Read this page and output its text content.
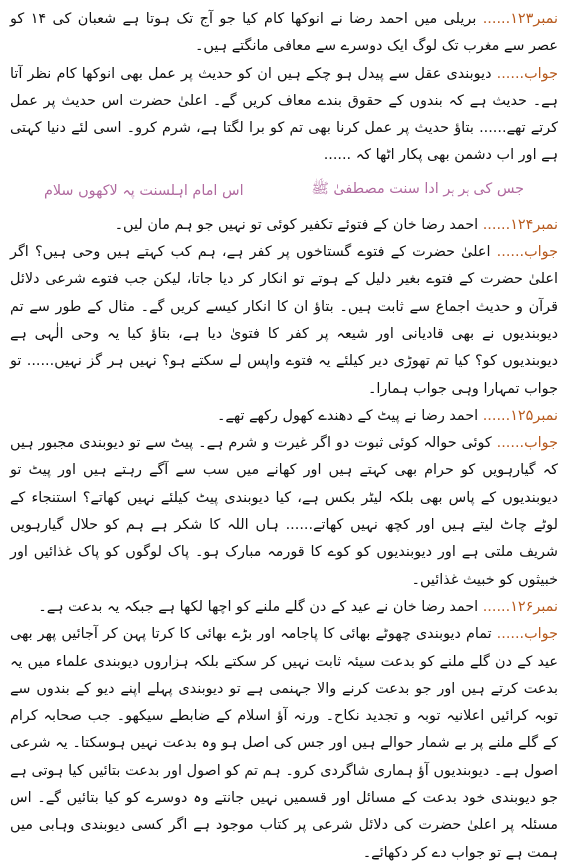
نمبر۱۲۳...... بریلی میں احمد رضا نے انوکھا کام کیا جو آج تک ہوتا ہے شعبان کی ۱۴ کو عصر سے مغرب تک لوگ ایک دوسرے سے معافی مانگتے ہیں۔

جواب...... دیوبندی عقل سے پیدل ہو چکے ہیں ان کو حدیث پر عمل بھی انوکھا کام نظر آتا ہے۔ حدیث ہے کہ بندوں کے حقوق بندے معاف کریں گے۔ اعلیٰ حضرت اس حدیث پر عمل کرتے تھے...... بتاؤ حدیث پر عمل کرنا بھی تم کو برا لگتا ہے، شرم کرو۔ اسی لئے دنیا کہتی ہے اور اب دشمن بھی پکار اٹھا کہ ......

جس کی ہر ہر ادا سنت مصطفیٰ ﷺ
اس امام اہلسنت پہ لاکھوں سلام

نمبر۱۲۴...... احمد رضا خان کے فتوئے تکفیر کوئی تو نہیں جو ہم مان لیں۔

جواب...... اعلیٰ حضرت کے فتوے گستاخوں پر کفر ہے، ہم کب کہتے ہیں وحی ہیں؟ اگر اعلیٰ حضرت کے فتوے بغیر دلیل کے ہوتے تو انکار کر دیا جاتا، لیکن جب فتوے شرعی دلائل قرآن و حدیث اجماع سے ثابت ہیں۔ بتاؤ ان کا انکار کیسے کریں گے۔ مثال کے طور سے تم دیوبندیوں نے بھی قادیانی اور شیعہ پر کفر کا فتویٰ دیا ہے، بتاؤ کیا یہ وحی الٰہی ہے دیوبندیوں کو؟ کیا تم تھوڑی دیر کیلئے یہ فتوے واپس لے سکتے ہو؟ نہیں ہر گز نہیں...... تو جواب تمہارا وہی جواب ہمارا۔

نمبر۱۲۵...... احمد رضا نے پیٹ کے دھندے کھول رکھے تھے۔

جواب...... کوئی حوالہ کوئی ثبوت دو اگر غیرت و شرم ہے۔ پیٹ سے تو دیوبندی مجبور ہیں کہ گیارہویں کو حرام بھی کہتے ہیں اور کھانے میں سب سے آگے رہتے ہیں اور پیٹ تو دیوبندیوں کے پاس بھی بلکہ لیٹر بکس ہے، کیا دیوبندی پیٹ کیلئے نہیں کھاتے؟ استنجاء کے لوٹے چاٹ لیتے ہیں اور کچھ نہیں کھاتے...... ہاں اللہ کا شکر ہے ہم کو حلال گیارہویں شریف ملتی ہے اور دیوبندیوں کو کوے کا قورمہ مبارک ہو۔ پاک لوگوں کو پاک غذائیں اور خبیثوں کو خبیث غذائیں۔

نمبر۱۲۶...... احمد رضا خان نے عید کے دن گلے ملنے کو اچھا لکھا ہے جبکہ یہ بدعت ہے۔

جواب...... تمام دیوبندی چھوٹے بھائی کا پاجامہ اور بڑے بھائی کا کرتا پہن کر آجائیں پھر بھی عید کے دن گلے ملنے کو بدعت سیئہ ثابت نہیں کر سکتے بلکہ ہزاروں دیوبندی علماء میں یہ بدعت کرتے ہیں اور جو بدعت کرنے والا جہنمی ہے تو دیوبندی پہلے اپنے دیو کے بندوں سے توبہ کرائیں اعلانیہ توبہ و تجدید نکاح۔ ورنہ آؤ اسلام کے ضابطے سیکھو۔ جب صحابہ کرام کے گلے ملنے پر بے شمار حوالے ہیں اور جس کی اصل ہو وہ بدعت نہیں ہوسکتا۔ یہ شرعی اصول ہے۔ دیوبندیوں آؤ ہماری شاگردی کرو۔ ہم تم کو اصول اور بدعت بتائیں کیا ہوتی ہے جو دیوبندی خود بدعت کے مسائل اور قسمیں نہیں جانتے وہ دوسرے کو کیا بتائیں گے۔ اس مسئلہ پر اعلیٰ حضرت کی دلائل شرعی پر کتاب موجود ہے اگر کسی دیوبندی وہابی میں ہمت ہے تو جواب دے کر دکھائے۔
